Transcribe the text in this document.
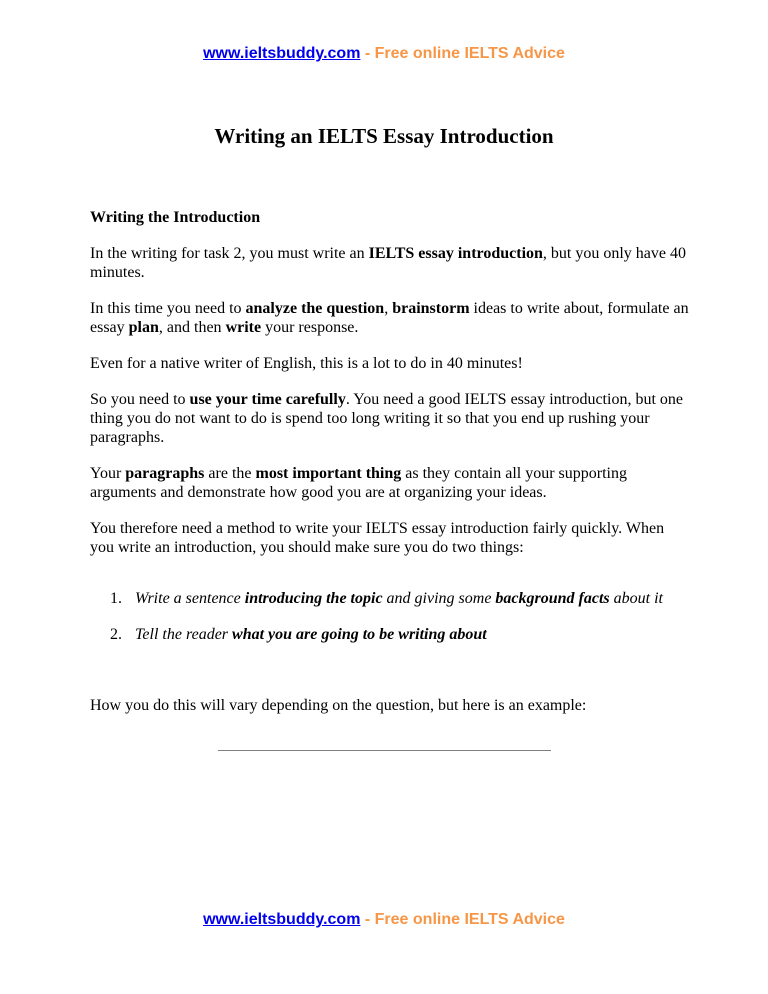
www.ieltsbuddy.com - Free online IELTS Advice
Writing an IELTS Essay Introduction
Writing the Introduction

In the writing for task 2, you must write an IELTS essay introduction, but you only have 40 minutes.

In this time you need to analyze the question, brainstorm ideas to write about, formulate an essay plan, and then write your response.

Even for a native writer of English, this is a lot to do in 40 minutes!

So you need to use your time carefully. You need a good IELTS essay introduction, but one thing you do not want to do is spend too long writing it so that you end up rushing your paragraphs.

Your paragraphs are the most important thing as they contain all your supporting arguments and demonstrate how good you are at organizing your ideas.

You therefore need a method to write your IELTS essay introduction fairly quickly. When you write an introduction, you should make sure you do two things:

1. Write a sentence introducing the topic and giving some background facts about it
2. Tell the reader what you are going to be writing about

How you do this will vary depending on the question, but here is an example:

www.ieltsbuddy.com - Free online IELTS Advice
